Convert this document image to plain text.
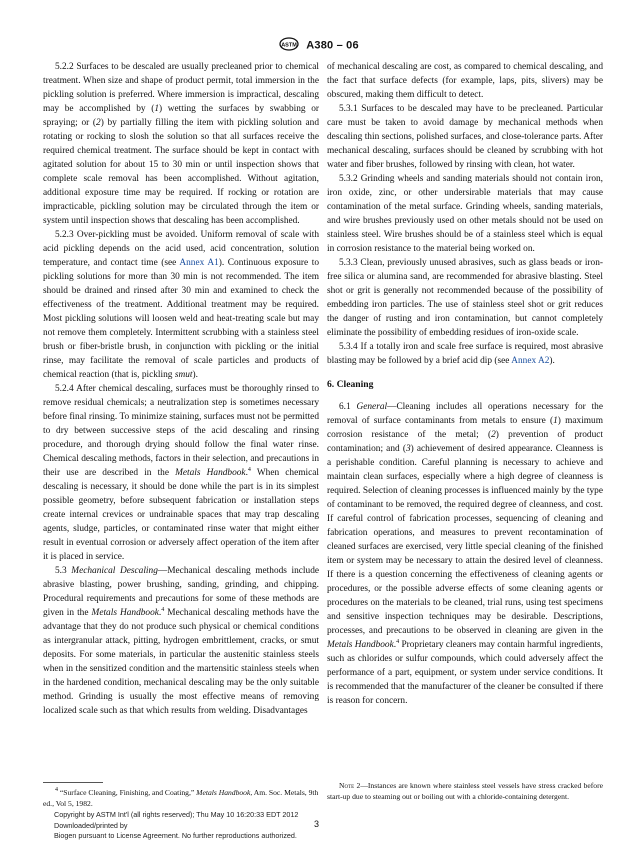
ASTM A380 – 06

5.2.2 Surfaces to be descaled are usually precleaned prior to chemical treatment. When size and shape of product permit, total immersion in the pickling solution is preferred. Where immersion is impractical, descaling may be accomplished by (1) wetting the surfaces by swabbing or spraying; or (2) by partially filling the item with pickling solution and rotating or rocking to slosh the solution so that all surfaces receive the required chemical treatment. The surface should be kept in contact with agitated solution for about 15 to 30 min or until inspection shows that complete scale removal has been accomplished. Without agitation, additional exposure time may be required. If rocking or rotation are impracticable, pickling solution may be circulated through the item or system until inspection shows that descaling has been accomplished.

5.2.3 Over-pickling must be avoided. Uniform removal of scale with acid pickling depends on the acid used, acid concentration, solution temperature, and contact time (see Annex A1). Continuous exposure to pickling solutions for more than 30 min is not recommended. The item should be drained and rinsed after 30 min and examined to check the effectiveness of the treatment. Additional treatment may be required. Most pickling solutions will loosen weld and heat-treating scale but may not remove them completely. Intermittent scrubbing with a stainless steel brush or fiber-bristle brush, in conjunction with pickling or the initial rinse, may facilitate the removal of scale particles and products of chemical reaction (that is, pickling smut).

5.2.4 After chemical descaling, surfaces must be thoroughly rinsed to remove residual chemicals; a neutralization step is sometimes necessary before final rinsing. To minimize staining, surfaces must not be permitted to dry between successive steps of the acid descaling and rinsing procedure, and thorough drying should follow the final water rinse. Chemical descaling methods, factors in their selection, and precautions in their use are described in the Metals Handbook.$^4$ When chemical descaling is necessary, it should be done while the part is in its simplest possible geometry, before subsequent fabrication or installation steps create internal crevices or undrainable spaces that may trap descaling agents, sludge, particles, or contaminated rinse water that might either result in eventual corrosion or adversely affect operation of the item after it is placed in service.

5.3 Mechanical Descaling—Mechanical descaling methods include abrasive blasting, power brushing, sanding, grinding, and chipping. Procedural requirements and precautions for some of these methods are given in the Metals Handbook.$^4$ Mechanical descaling methods have the advantage that they do not produce such physical or chemical conditions as intergranular attack, pitting, hydrogen embrittlement, cracks, or smut deposits. For some materials, in particular the austenitic stainless steels when in the sensitized condition and the martensitic stainless steels when in the hardened condition, mechanical descaling may be the only suitable method. Grinding is usually the most effective means of removing localized scale such as that which results from welding. Disadvantages

of mechanical descaling are cost, as compared to chemical descaling, and the fact that surface defects (for example, laps, pits, slivers) may be obscured, making them difficult to detect.

5.3.1 Surfaces to be descaled may have to be precleaned. Particular care must be taken to avoid damage by mechanical methods when descaling thin sections, polished surfaces, and close-tolerance parts. After mechanical descaling, surfaces should be cleaned by scrubbing with hot water and fiber brushes, followed by rinsing with clean, hot water.

5.3.2 Grinding wheels and sanding materials should not contain iron, iron oxide, zinc, or other undersirable materials that may cause contamination of the metal surface. Grinding wheels, sanding materials, and wire brushes previously used on other metals should not be used on stainless steel. Wire brushes should be of a stainless steel which is equal in corrosion resistance to the material being worked on.

5.3.3 Clean, previously unused abrasives, such as glass beads or iron-free silica or alumina sand, are recommended for abrasive blasting. Steel shot or grit is generally not recommended because of the possibility of embedding iron particles. The use of stainless steel shot or grit reduces the danger of rusting and iron contamination, but cannot completely eliminate the possibility of embedding residues of iron-oxide scale.

5.3.4 If a totally iron and scale free surface is required, most abrasive blasting may be followed by a brief acid dip (see Annex A2).

6. Cleaning

6.1 General—Cleaning includes all operations necessary for the removal of surface contaminants from metals to ensure (1) maximum corrosion resistance of the metal; (2) prevention of product contamination; and (3) achievement of desired appearance. Cleanness is a perishable condition. Careful planning is necessary to achieve and maintain clean surfaces, especially where a high degree of cleanness is required. Selection of cleaning processes is influenced mainly by the type of contaminant to be removed, the required degree of cleanness, and cost. If careful control of fabrication processes, sequencing of cleaning and fabrication operations, and measures to prevent recontamination of cleaned surfaces are exercised, very little special cleaning of the finished item or system may be necessary to attain the desired level of cleanness. If there is a question concerning the effectiveness of cleaning agents or procedures, or the possible adverse effects of some cleaning agents or procedures on the materials to be cleaned, trial runs, using test specimens and sensitive inspection techniques may be desirable. Descriptions, processes, and precautions to be observed in cleaning are given in the Metals Handbook.$^4$ Proprietary cleaners may contain harmful ingredients, such as chlorides or sulfur compounds, which could adversely affect the performance of a part, equipment, or system under service conditions. It is recommended that the manufacturer of the cleaner be consulted if there is reason for concern.

$^4$ “Surface Cleaning, Finishing, and Coating,” Metals Handbook, Am. Soc. Metals, 9th ed., Vol 5, 1982.

Note 2—Instances are known where stainless steel vessels have stress cracked before start-up due to steaming out or boiling out with a chloride-containing detergent.

Copyright by ASTM Int'l (all rights reserved); Thu May 10 16:20:33 EDT 2012
Downloaded/printed by
Biogen pursuant to License Agreement. No further reproductions authorized.
3
